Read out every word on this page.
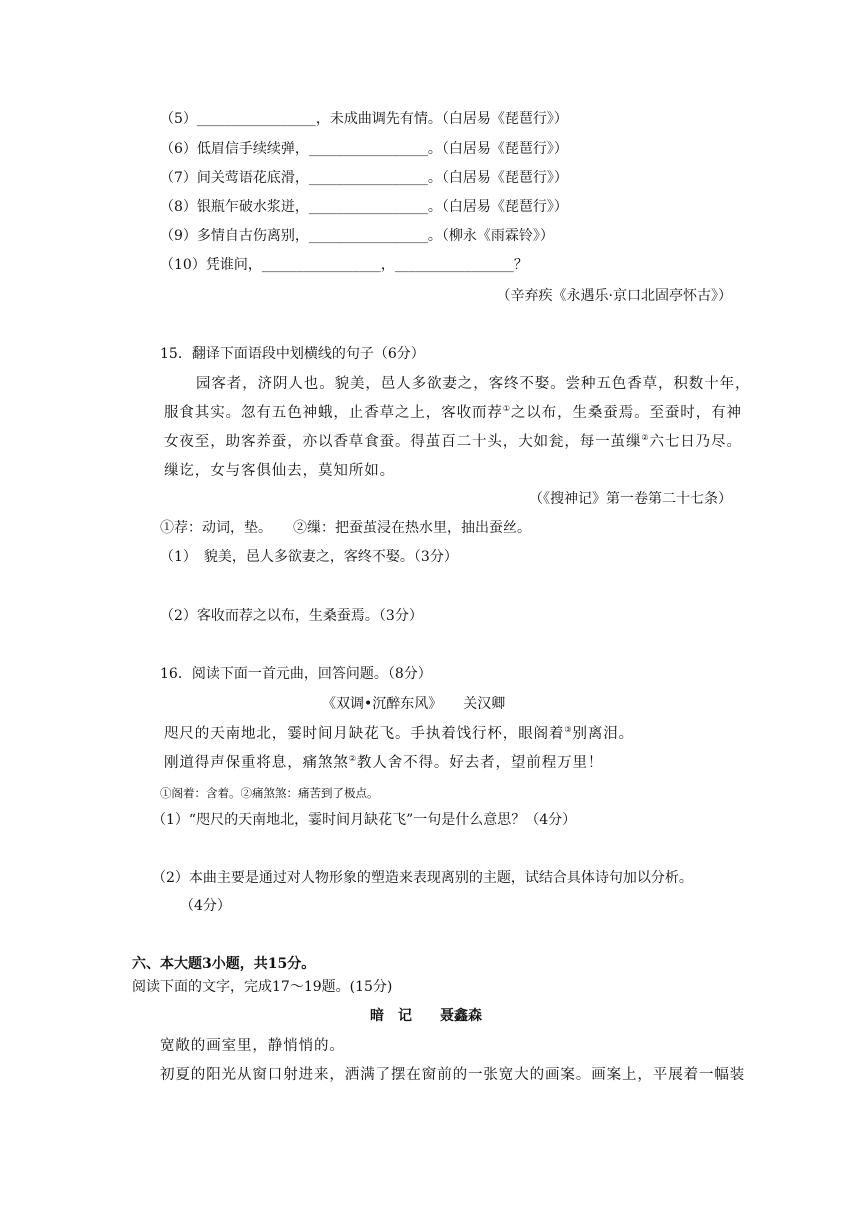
（5）_________________，未成曲调先有情。（白居易《琵琶行》）
（6）低眉信手续续弹，_________________。（白居易《琵琶行》）
（7）间关莺语花底滑，_________________。（白居易《琵琶行》）
（8）银瓶乍破水浆迸，_________________。（白居易《琵琶行》）
（9）多情自古伤离别，_________________。（柳永《雨霖铃》）
（10）凭谁问，_________________，_________________？
（辛弃疾《永遇乐·京口北固亭怀古》）
15．翻译下面语段中划横线的句子（6分）
园客者，济阴人也。貌美，邑人多欲妻之，客终不娶。尝种五色香草，积数十年，
服食其实。忽有五色神蛾，止香草之上，客收而荐①之以布，生桑蚕焉。至蚕时，有神
女夜至，助客养蚕，亦以香草食蚕。得茧百二十头，大如瓮，每一茧缫②六七日乃尽。
缫讫，女与客俱仙去，莫知所如。
（《搜神记》第一卷第二十七条）
①荐：动词，垫。　　②缫：把蚕茧浸在热水里，抽出蚕丝。
（1）　貌美，邑人多欲妻之，客终不娶。（3分）
（2）客收而荐之以布，生桑蚕焉。（3分）
16．阅读下面一首元曲，回答问题。（8分）
《双调•沉醉东风》　　关汉卿
咫尺的天南地北，霎时间月缺花飞。手执着饯行杯，眼阁着③别离泪。
刚道得声保重将息，痛煞煞②教人舍不得。好去者，望前程万里！
①阁着：含着。②痛煞煞：痛苦到了极点。
（1）“咫尺的天南地北，霎时间月缺花飞”一句是什么意思？（4分）
（2）本曲主要是通过对人物形象的塑造来表现离别的主题，试结合具体诗句加以分析。
（4分）
六、本大题3小题，共15分。
阅读下面的文字，完成17～19题。(15分)
暗　记　　聂鑫森
宽敞的画室里，静悄悄的。
初夏的阳光从窗口射进来，洒满了摆在窗前的一张宽大的画案。画案上，平展着一幅装
